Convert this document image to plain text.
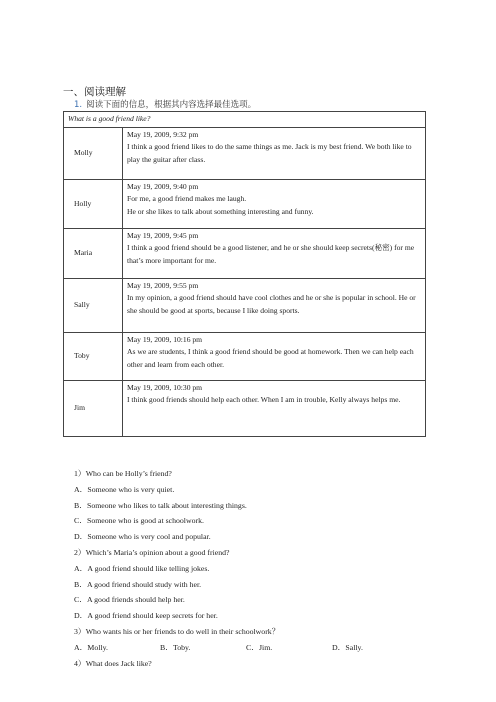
一、阅读理解
1. 阅读下面的信息，根据其内容选择最佳选项。
What is a good friend like?	
Molly	May 19, 2009, 9:32 pm
I think a good friend likes to do the same things as me. Jack is my best friend. We both like to play the guitar after class.

Holly	May 19, 2009, 9:40 pm
For me, a good friend makes me laugh.
He or she likes to talk about something interesting and funny.

Maria	May 19, 2009, 9:45 pm
I think a good friend should be a good listener, and he or she should keep secrets(秘密) for me that’s more important for me.

Sally	May 19, 2009, 9:55 pm
In my opinion, a good friend should have cool clothes and he or she is popular in school. He or she should be good at sports, because I like doing sports.

Toby	May 19, 2009, 10:16 pm
As we are students, I think a good friend should be good at homework. Then we can help each other and learn from each other.

Jim	May 19, 2009, 10:30 pm
I think good friends should help each other. When I am in trouble, Kelly always helps me.
1）Who can be Holly’s friend?
A．Someone who is very quiet.
B．Someone who likes to talk about interesting things.
C．Someone who is good at schoolwork.
D．Someone who is very cool and popular.
2）Which’s Maria’s opinion about a good friend?
A．A good friend should like telling jokes.
B．A good friend should study with her.
C．A good friends should help her.
D．A good friend should keep secrets for her.
3）Who wants his or her friends to do well in their schoolwork？
A．Molly.	B．Toby.	C．Jim.	D．Sally.
4）What does Jack like?
